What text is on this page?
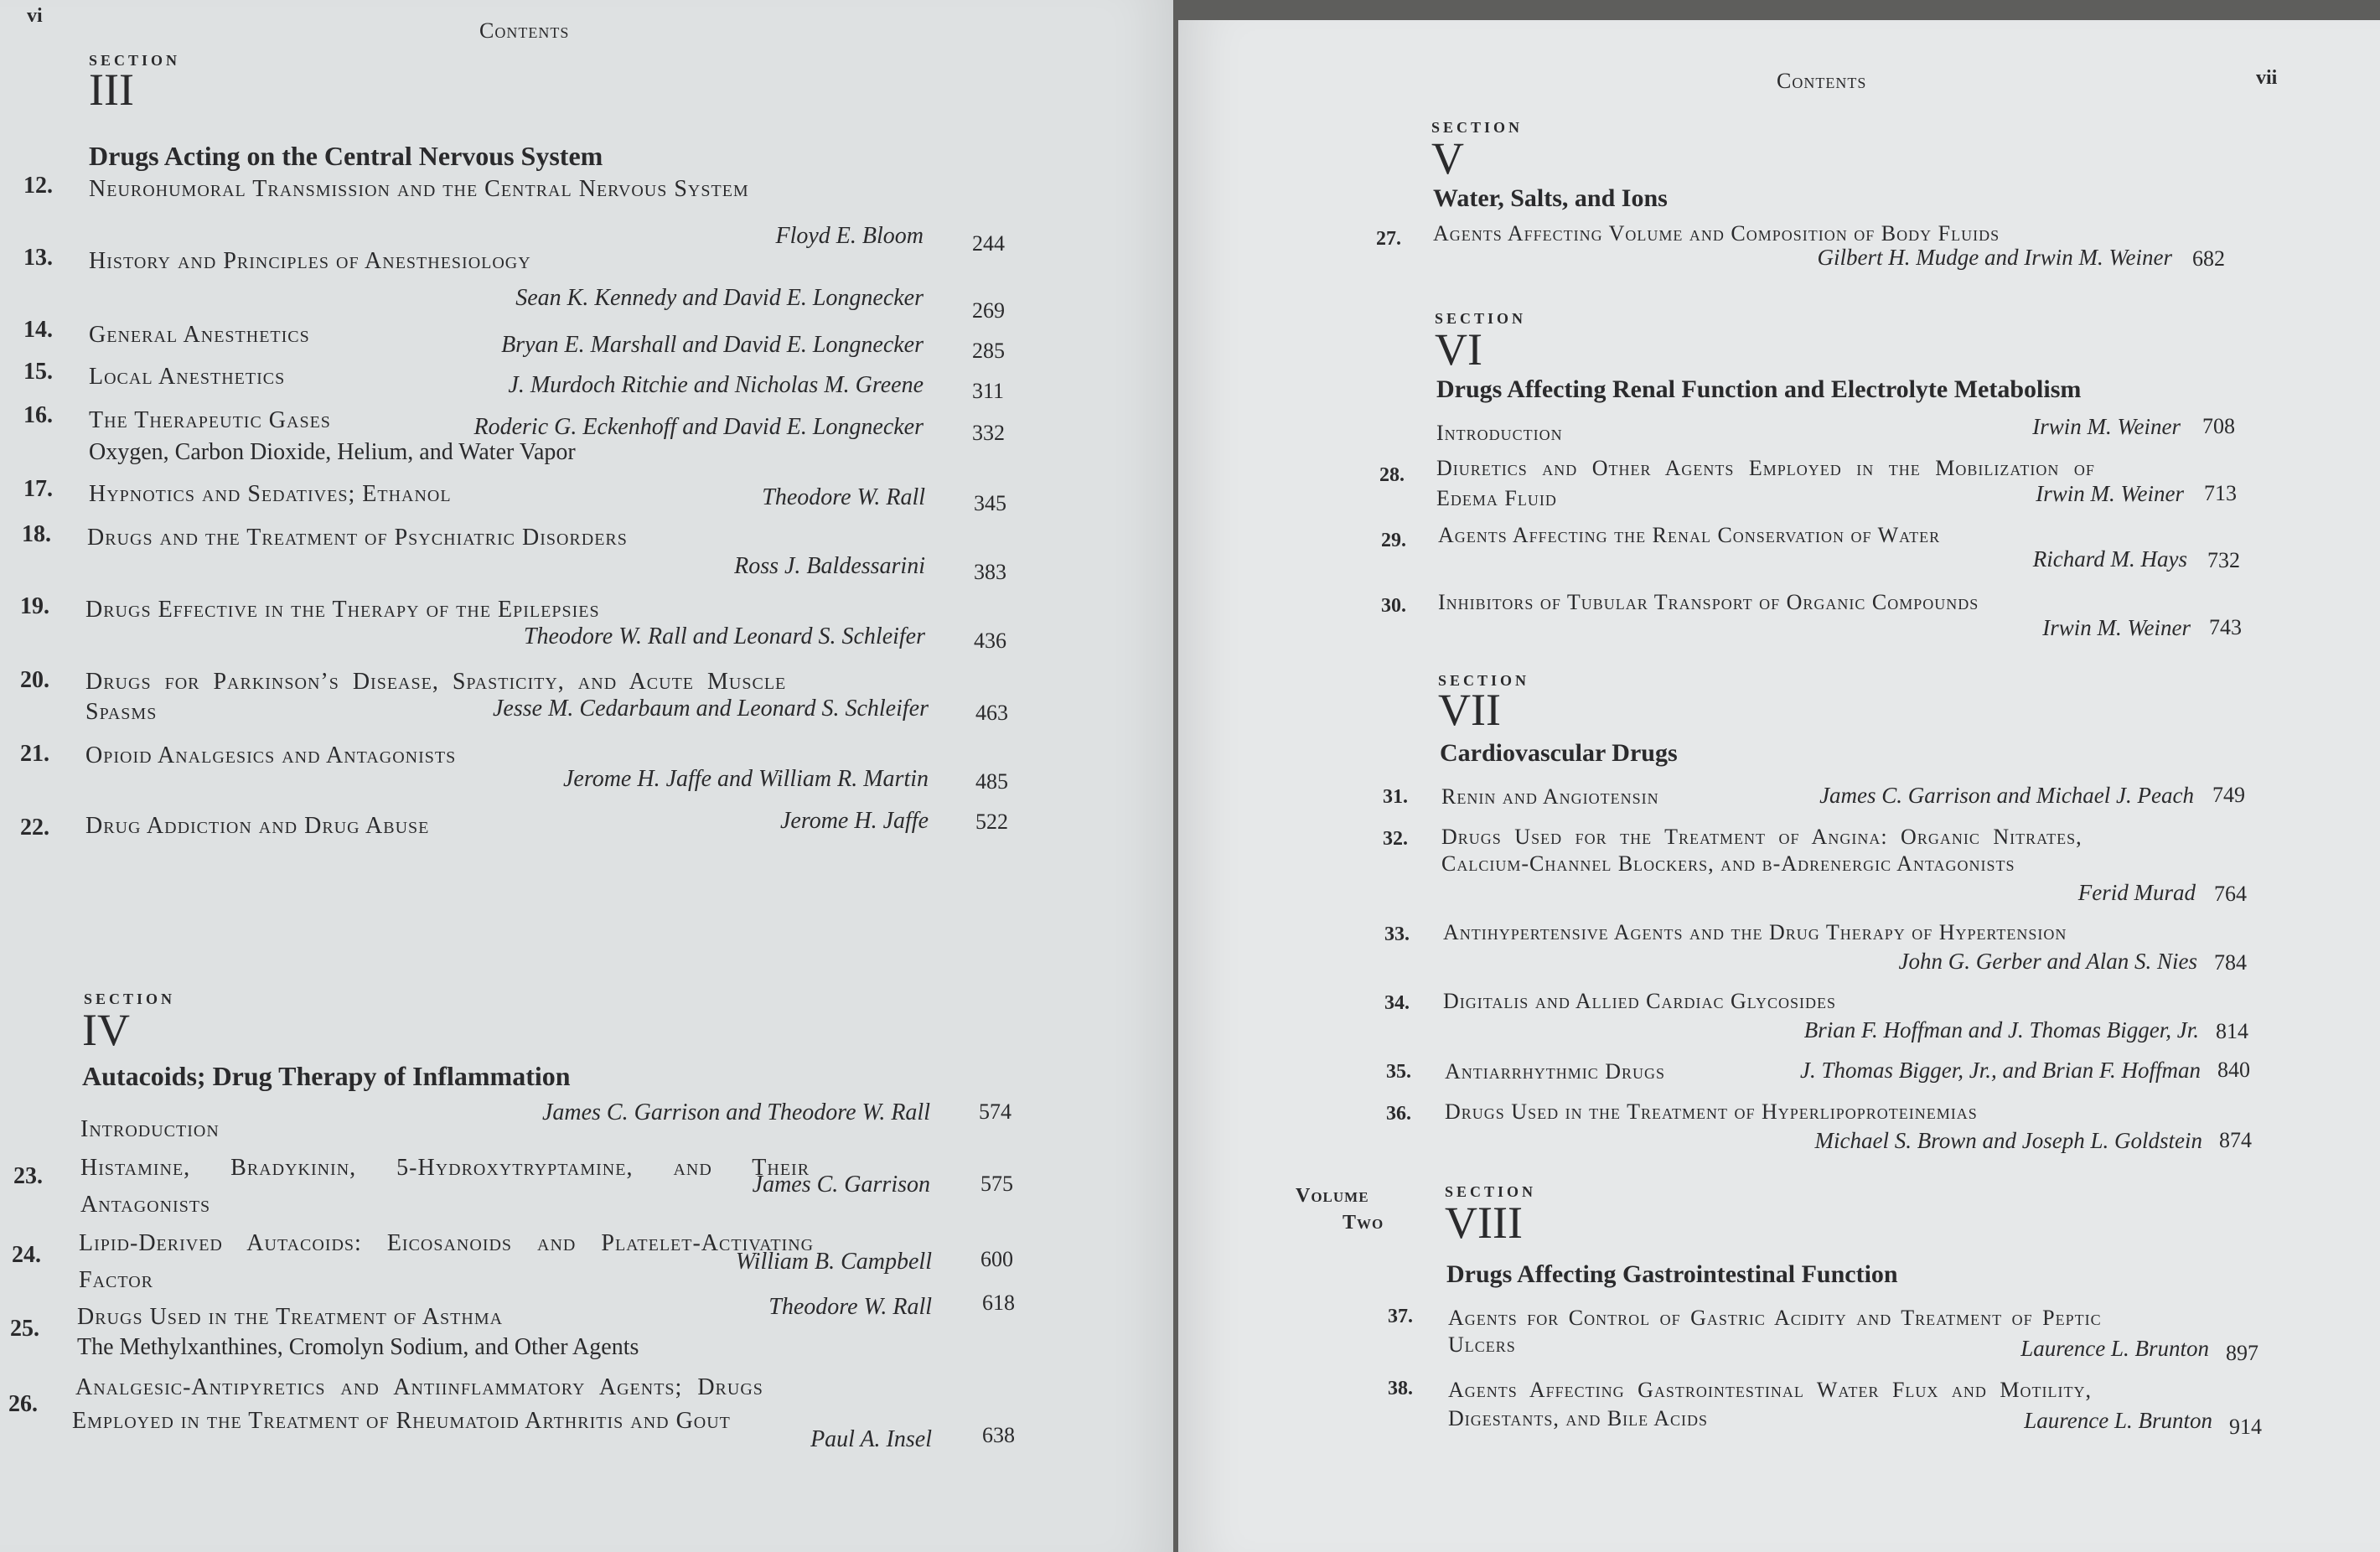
vi
Contents
SECTION
III
Drugs Acting on the Central Nervous System
12. Neurohumoral Transmission and the Central Nervous System
Floyd E. Bloom 244
13. History and Principles of Anesthesiology
Sean K. Kennedy and David E. Longnecker 269
14. General Anesthetics	Bryan E. Marshall and David E. Longnecker 285
15. Local Anesthetics	J. Murdoch Ritchie and Nicholas M. Greene 311
16. The Therapeutic Gases	Roderic G. Eckenhoff and David E. Longnecker 332
Oxygen, Carbon Dioxide, Helium, and Water Vapor
17. Hypnotics and Sedatives; Ethanol	Theodore W. Rall 345
18. Drugs and the Treatment of Psychiatric Disorders
Ross J. Baldessarini 383
19. Drugs Effective in the Therapy of the Epilepsies
Theodore W. Rall and Leonard S. Schleifer 436
20. Drugs for Parkinson’s Disease, Spasticity, and Acute Muscle
Spasms	Jesse M. Cedarbaum and Leonard S. Schleifer 463
21. Opioid Analgesics and Antagonists
Jerome H. Jaffe and William R. Martin 485
22. Drug Addiction and Drug Abuse	Jerome H. Jaffe 522
SECTION
IV
Autacoids; Drug Therapy of Inflammation
Introduction
James C. Garrison and Theodore W. Rall 574
23. Histamine, Bradykinin, 5-Hydroxytryptamine, and Their
Antagonists
James C. Garrison 575
24. Lipid-Derived Autacoids: Eicosanoids and Platelet-Activating
Factor
William B. Campbell 600
25. Drugs Used in the Treatment of Asthma
The Methylxanthines, Cromolyn Sodium, and Other Agents
Theodore W. Rall 618
26.
Analgesic-Antipyretics and Antiinflammatory Agents; Drugs
Employed in the Treatment of Rheumatoid Arthritis and Gout
Paul A. Insel 638
Contents	vii
SECTION
V
Water, Salts, and Ions
27. Agents Affecting Volume and Composition of Body Fluids
Gilbert H. Mudge and Irwin M. Weiner 682
SECTION
VI
Drugs Affecting Renal Function and Electrolyte Metabolism
Introduction	Irwin M. Weiner 708
28. Diuretics and Other Agents Employed in the Mobilization of
Edema Fluid	Irwin M. Weiner 713
29. Agents Affecting the Renal Conservation of Water
Richard M. Hays 732
30. Inhibitors of Tubular Transport of Organic Compounds
Irwin M. Weiner 743
SECTION
VII
Cardiovascular Drugs
31. Renin and Angiotensin	James C. Garrison and Michael J. Peach 749
32. Drugs Used for the Treatment of Angina: Organic Nitrates,
Calcium-Channel Blockers, and β-Adrenergic Antagonists
Ferid Murad 764
33. Antihypertensive Agents and the Drug Therapy of Hypertension
John G. Gerber and Alan S. Nies 784
34. Digitalis and Allied Cardiac Glycosides
Brian F. Hoffman and J. Thomas Bigger, Jr. 814
35. Antiarrhythmic Drugs	J. Thomas Bigger, Jr., and Brian F. Hoffman 840
36. Drugs Used in the Treatment of Hyperlipoproteinemias
Michael S. Brown and Joseph L. Goldstein 874
Volume
Two
SECTION
VIII
Drugs Affecting Gastrointestinal Function
37. Agents for Control of Gastric Acidity and Treatment of Peptic
Ulcers	Laurence L. Brunton 897
38. Agents Affecting Gastrointestinal Water Flux and Motility,
Digestants, and Bile Acids	Laurence L. Brunton 914
